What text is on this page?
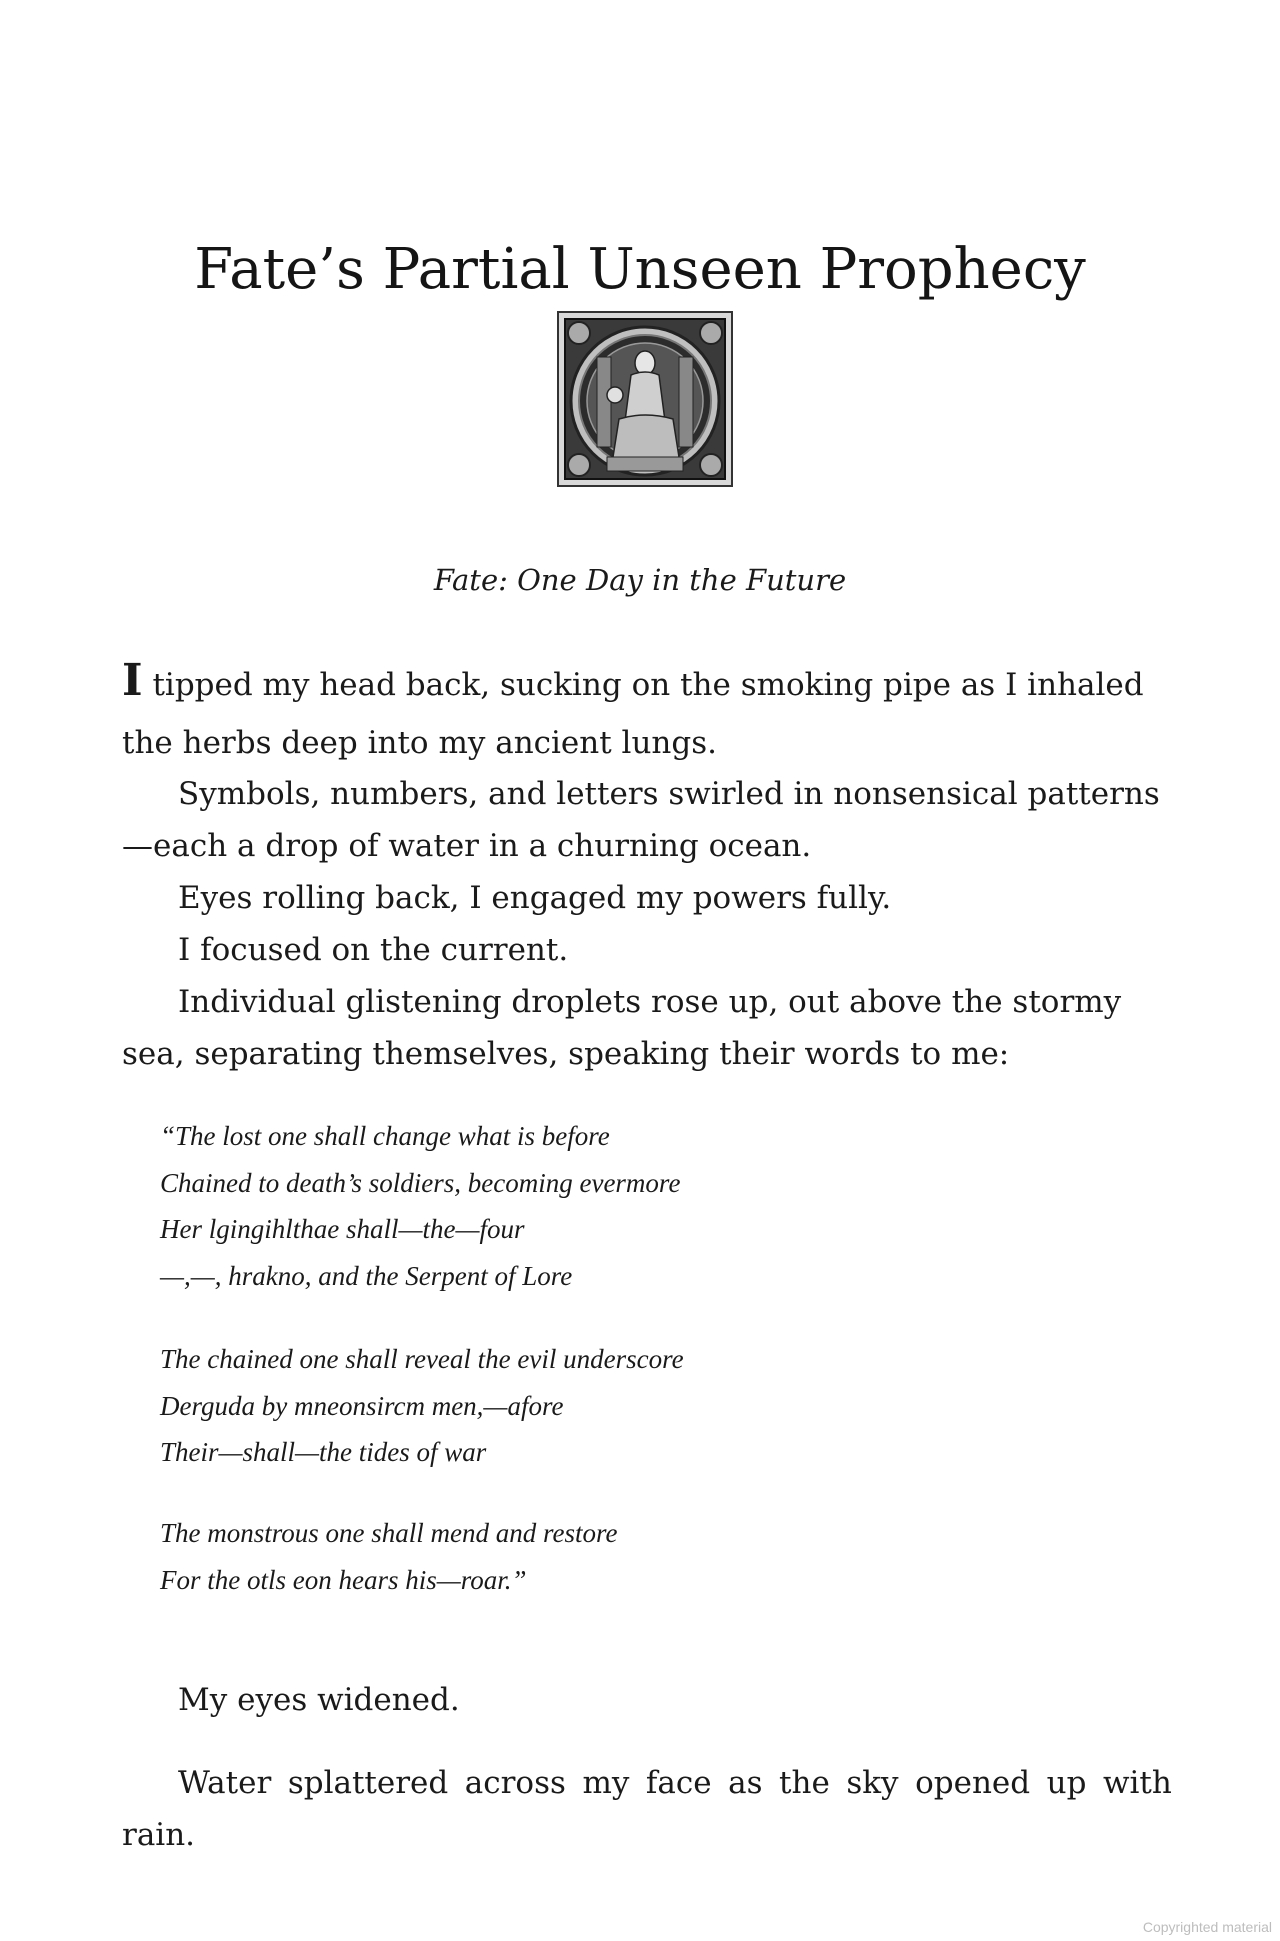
Fate’s Partial Unseen Prophecy
Fate: One Day in the Future

I tipped my head back, sucking on the smoking pipe as I inhaled
the herbs deep into my ancient lungs.

Symbols, numbers, and letters swirled in nonsensical patterns
—each a drop of water in a churning ocean.

Eyes rolling back, I engaged my powers fully.

I focused on the current.

Individual glistening droplets rose up, out above the stormy
sea, separating themselves, speaking their words to me:

“The lost one shall change what is before
Chained to death’s soldiers, becoming evermore
Her lgingihlthae shall—the—four
—,—, hrakno, and the Serpent of Lore
The chained one shall reveal the evil underscore
Derguda by mneonsircm men,—afore
Their—shall—the tides of war
The monstrous one shall mend and restore
For the otls eon hears his—roar.”

My eyes widened.

Water splattered across my face as the sky opened up with
rain.

Copyrighted material
